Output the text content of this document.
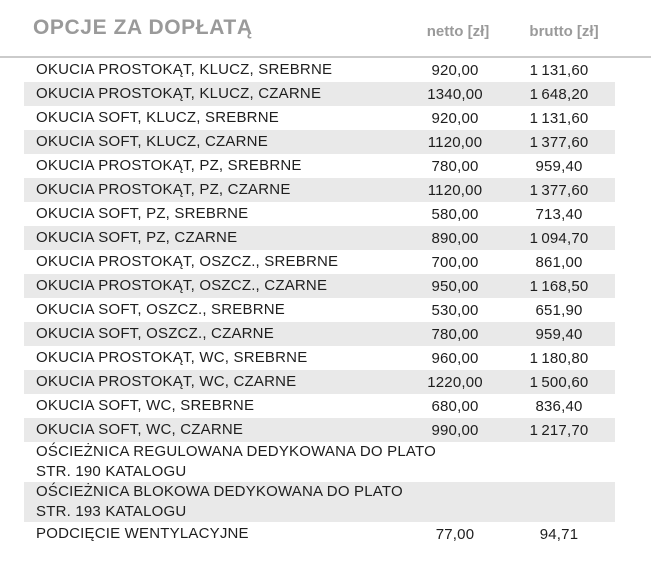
OPCJE ZA DOPŁATĄ	netto [zł]	brutto [zł]
OKUCIA PROSTOKĄT, KLUCZ, SREBRNE	920,00	1 131,60

OKUCIA PROSTOKĄT, KLUCZ, CZARNE	1340,00	1 648,20

OKUCIA SOFT, KLUCZ, SREBRNE	920,00	1 131,60

OKUCIA SOFT, KLUCZ, CZARNE	1120,00	1 377,60

OKUCIA PROSTOKĄT, PZ, SREBRNE	780,00	959,40

OKUCIA PROSTOKĄT, PZ, CZARNE	1120,00	1 377,60

OKUCIA SOFT, PZ, SREBRNE	580,00	713,40

OKUCIA SOFT, PZ, CZARNE	890,00	1 094,70

OKUCIA PROSTOKĄT, OSZCZ., SREBRNE	700,00	861,00

OKUCIA PROSTOKĄT, OSZCZ., CZARNE	950,00	1 168,50

OKUCIA SOFT, OSZCZ., SREBRNE	530,00	651,90

OKUCIA SOFT, OSZCZ., CZARNE	780,00	959,40

OKUCIA PROSTOKĄT, WC, SREBRNE	960,00	1 180,80

OKUCIA PROSTOKĄT, WC, CZARNE	1220,00	1 500,60

OKUCIA SOFT, WC, SREBRNE	680,00	836,40

OKUCIA SOFT, WC, CZARNE	990,00	1 217,70

OŚCIEŻNICA REGULOWANA DEDYKOWANA DO PLATO
STR. 190 KATALOGU		

OŚCIEŻNICA BLOKOWA DEDYKOWANA DO PLATO
STR. 193 KATALOGU		

PODCIĘCIE WENTYLACYJNE	77,00	94,71
